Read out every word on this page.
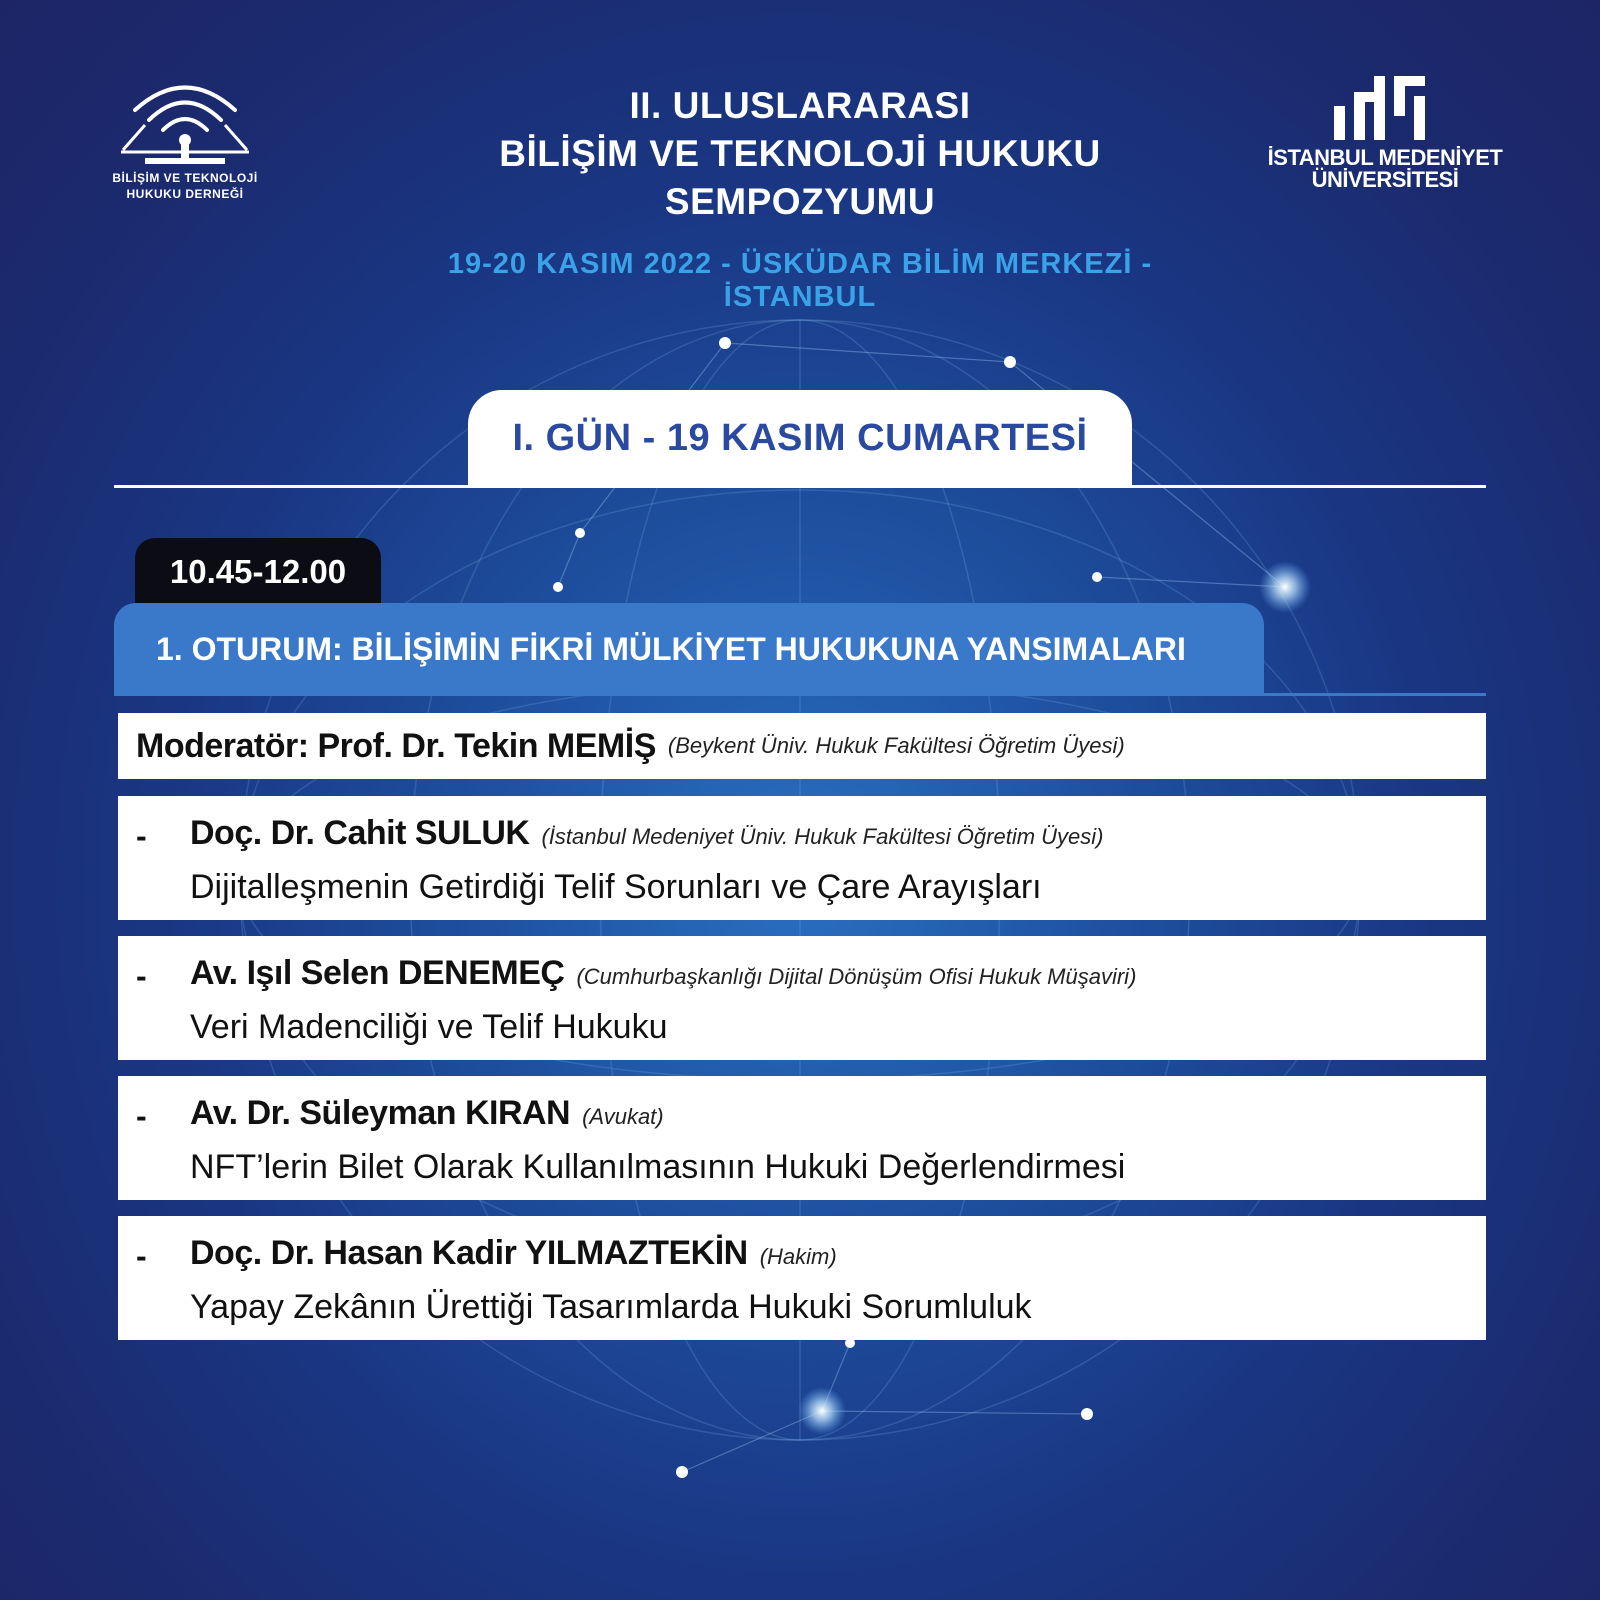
BİLİŞİM VE TEKNOLOJİ
HUKUKU DERNEĞİ
İSTANBUL MEDENİYET
ÜNİVERSİTESİ
II. ULUSLARARASI
BİLİŞİM VE TEKNOLOJİ HUKUKU
SEMPOZYUMU
19-20 KASIM 2022 - ÜSKÜDAR BİLİM MERKEZİ - İSTANBUL
I. GÜN - 19 KASIM CUMARTESİ
10.45-12.00
1. OTURUM: BİLİŞİMİN FİKRİ MÜLKİYET HUKUKUNA YANSIMALARI
Moderatör: Prof. Dr. Tekin MEMİŞ (Beykent Üniv. Hukuk Fakültesi Öğretim Üyesi)
- Doç. Dr. Cahit SULUK (İstanbul Medeniyet Üniv. Hukuk Fakültesi Öğretim Üyesi)
Dijitalleşmenin Getirdiği Telif Sorunları ve Çare Arayışları
- Av. Işıl Selen DENEMEÇ (Cumhurbaşkanlığı Dijital Dönüşüm Ofisi Hukuk Müşaviri)
Veri Madenciliği ve Telif Hukuku
- Av. Dr. Süleyman KIRAN (Avukat)
NFT’lerin Bilet Olarak Kullanılmasının Hukuki Değerlendirmesi
- Doç. Dr. Hasan Kadir YILMAZTEKİN (Hakim)
Yapay Zekânın Ürettiği Tasarımlarda Hukuki Sorumluluk
